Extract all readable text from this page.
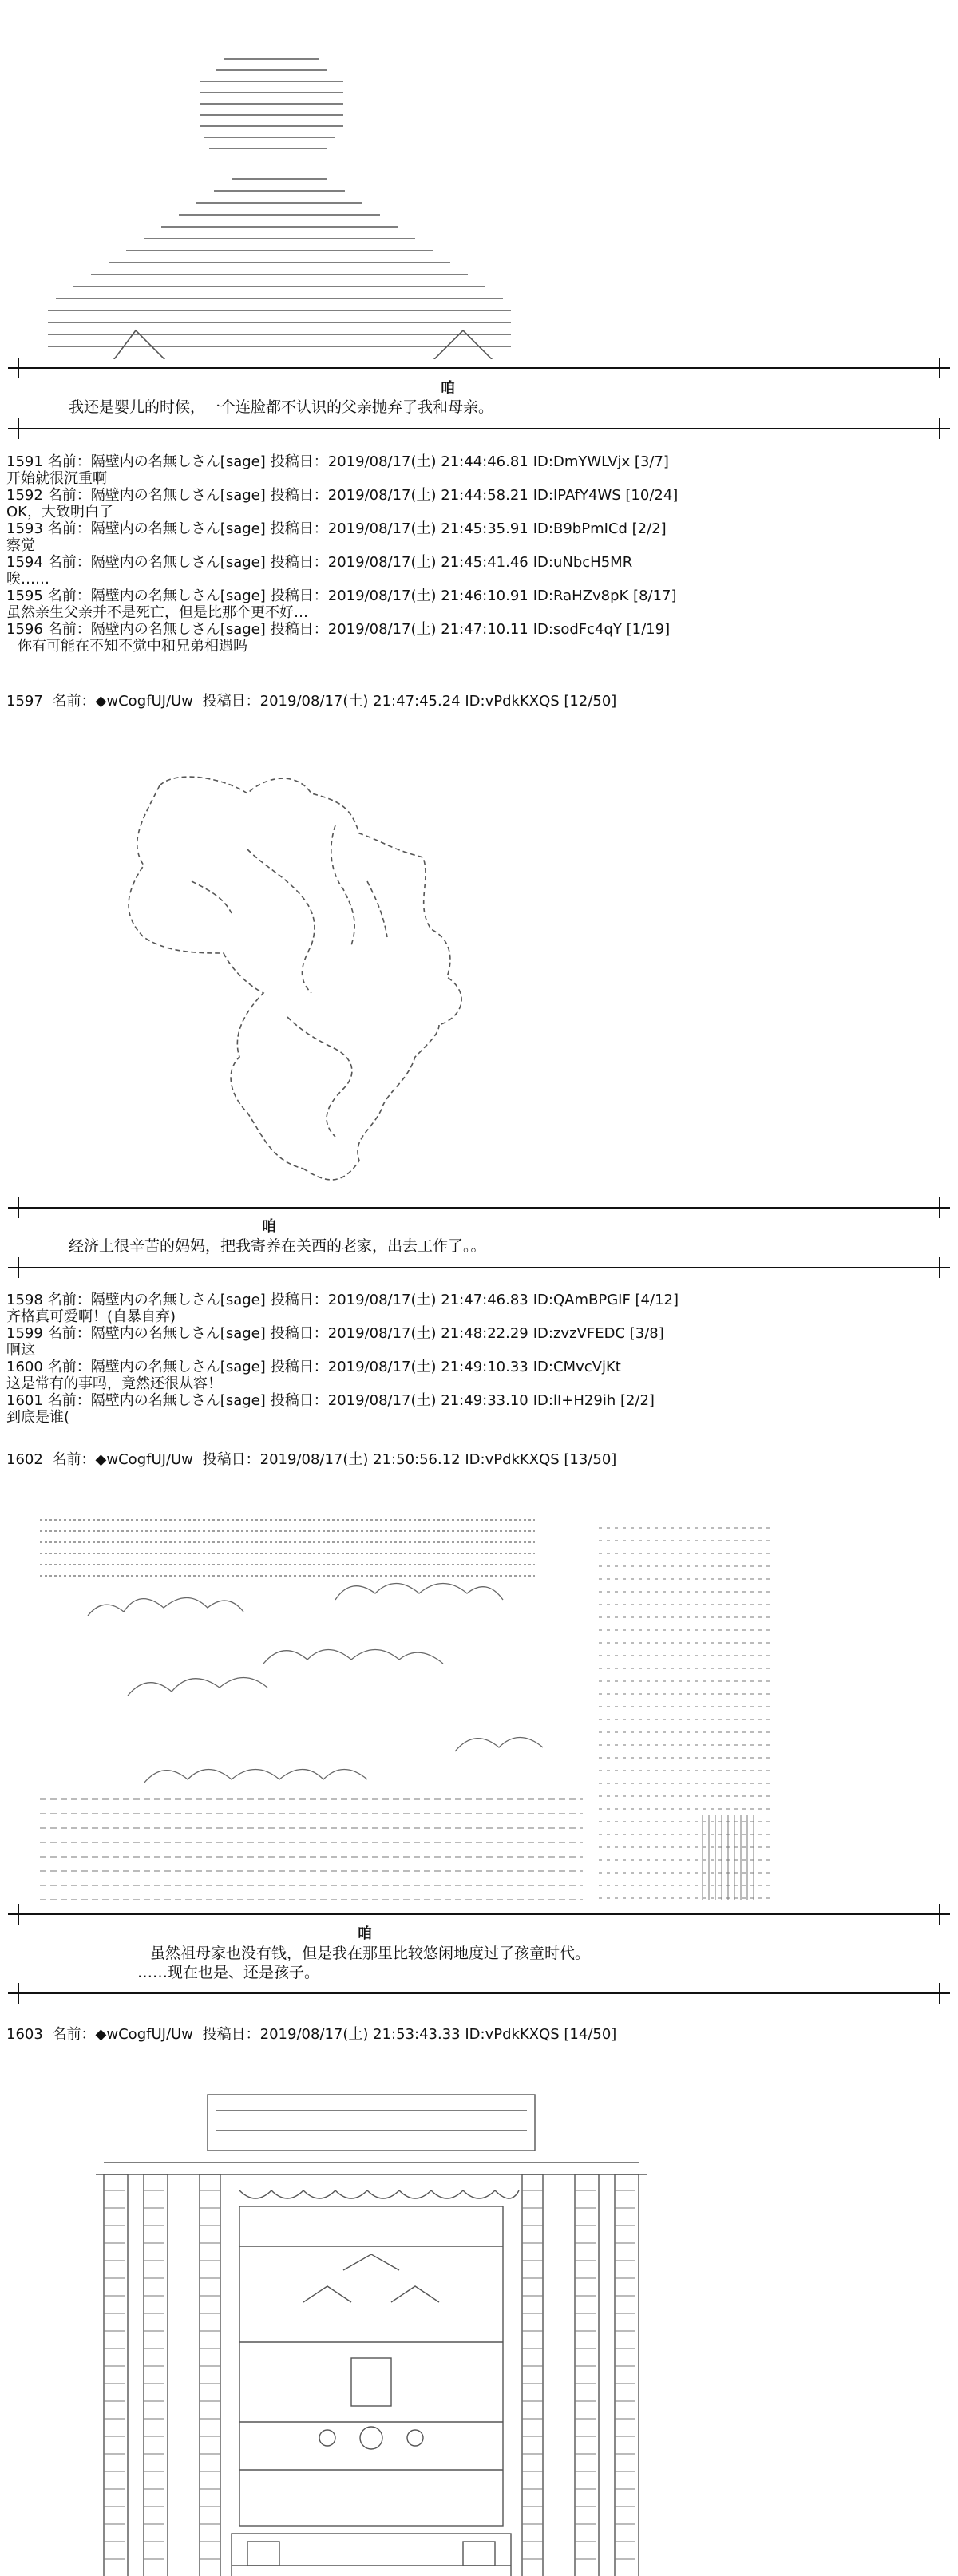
咱
我还是婴儿的时候，一个连脸都不认识的父亲抛弃了我和母亲。
1591 名前：隔壁内の名無しさん[sage] 投稿日：2019/08/17(土) 21:44:46.81 ID:DmYWLVjx [3/7]
开始就很沉重啊
1592 名前：隔壁内の名無しさん[sage] 投稿日：2019/08/17(土) 21:44:58.21 ID:IPAfY4WS [10/24]
OK，大致明白了
1593 名前：隔壁内の名無しさん[sage] 投稿日：2019/08/17(土) 21:45:35.91 ID:B9bPmICd [2/2]
察觉
1594 名前：隔壁内の名無しさん[sage] 投稿日：2019/08/17(土) 21:45:41.46 ID:uNbcH5MR
唉……
1595 名前：隔壁内の名無しさん[sage] 投稿日：2019/08/17(土) 21:46:10.91 ID:RaHZv8pK [8/17]
虽然亲生父亲并不是死亡，但是比那个更不好…
1596 名前：隔壁内の名無しさん[sage] 投稿日：2019/08/17(土) 21:47:10.11 ID:sodFc4qY [1/19]
你有可能在不知不觉中和兄弟相遇吗
1597 名前：◆wCogfUJ/Uw 投稿日：2019/08/17(土) 21:47:45.24 ID:vPdkKXQS [12/50]

咱
经济上很辛苦的妈妈，把我寄养在关西的老家，出去工作了。。
1598 名前：隔壁内の名無しさん[sage] 投稿日：2019/08/17(土) 21:47:46.83 ID:QAmBPGIF [4/12]
齐格真可爱啊！(自暴自弃)
1599 名前：隔壁内の名無しさん[sage] 投稿日：2019/08/17(土) 21:48:22.29 ID:zvzVFEDC [3/8]
啊这
1600 名前：隔壁内の名無しさん[sage] 投稿日：2019/08/17(土) 21:49:10.33 ID:CMvcVjKt
这是常有的事吗，竟然还很从容！
1601 名前：隔壁内の名無しさん[sage] 投稿日：2019/08/17(土) 21:49:33.10 ID:lI+H29ih [2/2]
到底是谁(
1602 名前：◆wCogfUJ/Uw 投稿日：2019/08/17(土) 21:50:56.12 ID:vPdkKXQS [13/50]

咱
虽然祖母家也没有钱，但是我在那里比较悠闲地度过了孩童时代。
……现在也是、还是孩子。
1603 名前：◆wCogfUJ/Uw 投稿日：2019/08/17(土) 21:53:43.33 ID:vPdkKXQS [14/50]
